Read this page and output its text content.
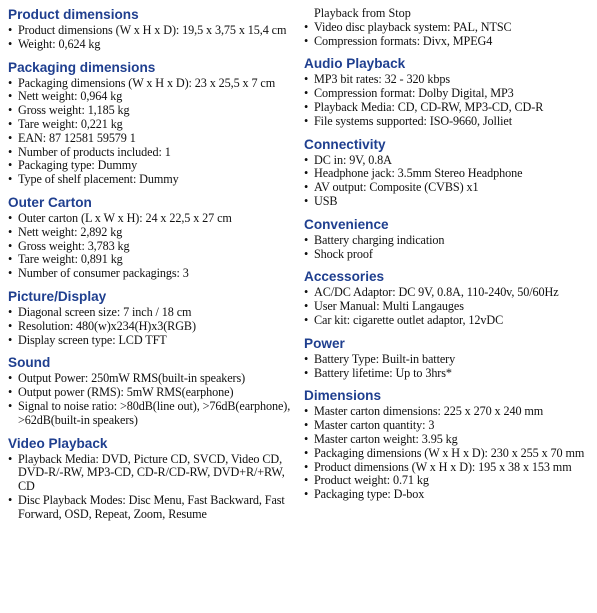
Product dimensions
• Product dimensions (W x H x D): 19,5 x 3,75 x 15,4 cm
• Weight: 0,624 kg
Packaging dimensions
• Packaging dimensions (W x H x D): 23 x 25,5 x 7 cm
• Nett weight: 0,964 kg
• Gross weight: 1,185 kg
• Tare weight: 0,221 kg
• EAN: 87 12581 59579 1
• Number of products included: 1
• Packaging type: Dummy
• Type of shelf placement: Dummy
Outer Carton
• Outer carton (L x W x H): 24 x 22,5 x 27 cm
• Nett weight: 2,892 kg
• Gross weight: 3,783 kg
• Tare weight: 0,891 kg
• Number of consumer packagings: 3
Picture/Display
• Diagonal screen size: 7 inch / 18 cm
• Resolution: 480(w)x234(H)x3(RGB)
• Display screen type: LCD TFT
Sound
• Output Power: 250mW RMS(built-in speakers)
• Output power (RMS): 5mW RMS(earphone)
• Signal to noise ratio: >80dB(line out), >76dB(earphone), >62dB(built-in speakers)
Video Playback
• Playback Media: DVD, Picture CD, SVCD, Video CD, DVD-R/-RW, MP3-CD, CD-R/CD-RW, DVD+R/+RW, CD
• Disc Playback Modes: Disc Menu, Fast Backward, Fast Forward, OSD, Repeat, Zoom, Resume
Playback from Stop
• Video disc playback system: PAL, NTSC
• Compression formats: Divx, MPEG4
Audio Playback
• MP3 bit rates: 32 - 320 kbps
• Compression format: Dolby Digital, MP3
• Playback Media: CD, CD-RW, MP3-CD, CD-R
• File systems supported: ISO-9660, Jolliet
Connectivity
• DC in: 9V, 0.8A
• Headphone jack: 3.5mm Stereo Headphone
• AV output: Composite (CVBS) x1
• USB
Convenience
• Battery charging indication
• Shock proof
Accessories
• AC/DC Adaptor: DC 9V, 0.8A, 110-240v, 50/60Hz
• User Manual: Multi Langauges
• Car kit: cigarette outlet adaptor, 12vDC
Power
• Battery Type: Built-in battery
• Battery lifetime: Up to 3hrs*
Dimensions
• Master carton dimensions: 225 x 270 x 240 mm
• Master carton quantity: 3
• Master carton weight: 3.95 kg
• Packaging dimensions (W x H x D): 230 x 255 x 70 mm
• Product dimensions (W x H x D): 195 x 38 x 153 mm
• Product weight: 0.71 kg
• Packaging type: D-box
